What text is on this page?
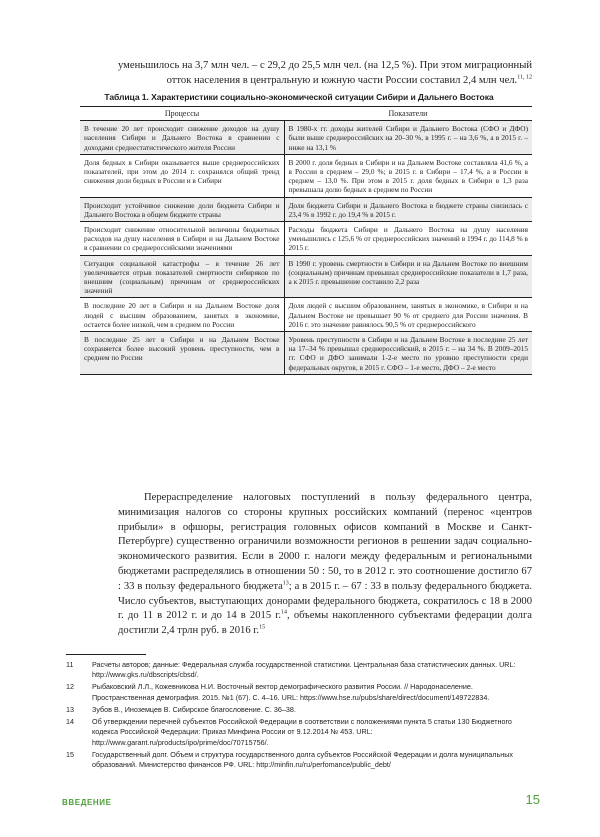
уменьшилось на 3,7 млн чел. – с 29,2 до 25,5 млн чел. (на 12,5 %). При этом миграционный отток населения в центральную и южную части России составил 2,4 млн чел.$^{11, 12}$

Таблица 1. Характеристики социально-экономической ситуации Сибири и Дальнего Востока
Процессы	Показатели
В течение 20 лет происходит снижение доходов на душу населения Сибири и Дальнего Востока в сравнении с доходами среднестатистического жителя России	В 1980-х гг. доходы жителей Сибири и Дальнего Востока (СФО и ДФО) были выше среднероссийских на 20–30 %, в 1995 г. – на 3,6 %, а в 2015 г. – ниже на 13,1 %
Доля бедных в Сибири оказывается выше среднероссийских показателей, при этом до 2014 г. сохранялся общий тренд снижения доли бедных в России и в Сибири	В 2000 г. доля бедных в Сибири и на Дальнем Востоке составляла 41,6 %, а в России в среднем – 29,0 %; в 2015 г. в Сибири – 17,4 %, а в России в среднем – 13,0 %. При этом в 2015 г. доля бедных в Сибири в 1,3 раза превышала долю бедных в среднем по России
Происходит устойчивое снижение доли бюджета Сибири и Дальнего Востока в общем бюджете страны	Доля бюджета Сибири и Дальнего Востока в бюджете страны снизилась с 23,4 % в 1992 г. до 19,4 % в 2015 г.
Происходит снижение относительной величины бюджетных расходов на душу населения в Сибири и на Дальнем Востоке в сравнении со среднероссийскими значениями	Расходы бюджета Сибири и Дальнего Востока на душу населения уменьшились с 125,6 % от среднероссийских значений в 1994 г. до 114,8 % в 2015 г.
Ситуация социальной катастрофы – в течение 26 лет увеличивается отрыв показателей смертности сибиряков по внешним (социальным) причинам от среднероссийских значений	В 1990 г. уровень смертности в Сибири и на Дальнем Востоке по внешним (социальным) причинам превышал среднероссийские показатели в 1,7 раза, а к 2015 г. превышение составило 2,2 раза
В последние 20 лет в Сибири и на Дальнем Востоке доля людей с высшим образованием, занятых в экономике, остается более низкой, чем в среднем по России	Доля людей с высшим образованием, занятых в экономике, в Сибири и на Дальнем Востоке не превышает 90 % от среднего для России значения. В 2016 г. это значение равнялось 90,5 % от среднероссийского
В последние 25 лет в Сибири и на Дальнем Востоке сохраняется более высокий уровень преступности, чем в среднем по России	Уровень преступности в Сибири и на Дальнем Востоке в последние 25 лет на 17–34 % превышал среднероссийский, в 2015 г. – на 34 %. В 2009–2015 гг. СФО и ДФО занимали 1-2-е место по уровню преступности среди федеральных округов, в 2015 г. СФО – 1-е место, ДФО – 2-е место

Перераспределение налоговых поступлений в пользу федерального центра, минимизация налогов со стороны крупных российских компаний (перенос «центров прибыли» в офшоры, регистрация головных офисов компаний в Москве и Санкт-Петербурге) существенно ограничили возможности регионов в решении задач социально-экономического развития. Если в 2000 г. налоги между федеральным и региональными бюджетами распределялись в отношении 50 : 50, то в 2012 г. это соотношение достигло 67 : 33 в пользу федерального бюджета$^{13}$; а в 2015 г. – 67 : 33 в пользу федерального бюджета. Число субъектов, выступающих донорами федерального бюджета, сократилось с 18 в 2000 г. до 11 в 2012 г. и до 14 в 2015 г.$^{14}$, объемы накопленного субъектами федерации долга достигли 2,4 трлн руб. в 2016 г.$^{15}$

11	Расчеты авторов; данные: Федеральная служба государственной статистики. Центральная база статистических данных. URL: http://www.gks.ru/dbscripts/cbsd/.
12	Рыбаковский Л.Л., Кожевникова Н.И. Восточный вектор демографического развития России. // Народонаселение. Пространственная демография. 2015. №1 (67). С. 4–16. URL: https://www.hse.ru/pubs/share/direct/document/149722834.
13	Зубов В., Иноземцев В. Сибирское благословение. С. 36–38.
14	Об утверждении перечней субъектов Российской Федерации в соответствии с положениями пункта 5 статьи 130 Бюджетного кодекса Российской Федерации: Приказ Минфина России от 9.12.2014 № 453. URL: http://www.garant.ru/products/ipo/prime/doc/70715756/.
15	Государственный долг. Объем и структура государственного долга субъектов Российской Федерации и долга муниципальных образований. Министерство финансов РФ. URL: http://minfin.ru/ru/perfomance/public_debt/
ВВЕДЕНИЕ	15
